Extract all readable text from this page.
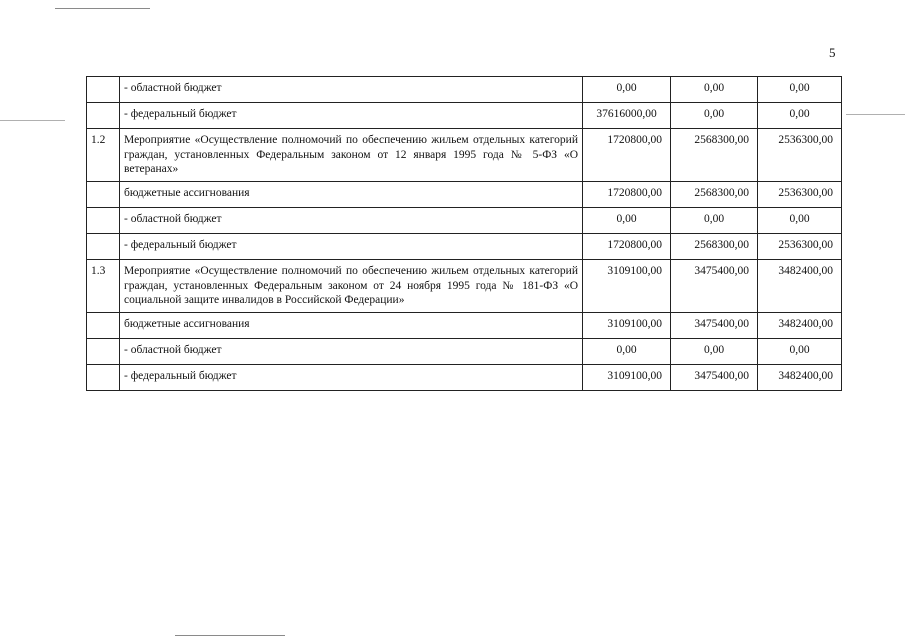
5
	- областной бюджет	0,00	0,00	0,00
	- федеральный бюджет	37616000,00	0,00	0,00
1.2	Мероприятие «Осуществление полномочий по обеспечению жильем отдельных категорий граждан, установленных Федеральным законом от 12 января 1995 года № 5-ФЗ «О ветеранах»	1720800,00	2568300,00	2536300,00
	бюджетные ассигнования	1720800,00	2568300,00	2536300,00
	- областной бюджет	0,00	0,00	0,00
	- федеральный бюджет	1720800,00	2568300,00	2536300,00
1.3	Мероприятие «Осуществление полномочий по обеспечению жильем отдельных категорий граждан, установленных Федеральным законом от 24 ноября 1995 года № 181-ФЗ «О социальной защите инвалидов в Российской Федерации»	3109100,00	3475400,00	3482400,00
	бюджетные ассигнования	3109100,00	3475400,00	3482400,00
	- областной бюджет	0,00	0,00	0,00
	- федеральный бюджет	3109100,00	3475400,00	3482400,00
